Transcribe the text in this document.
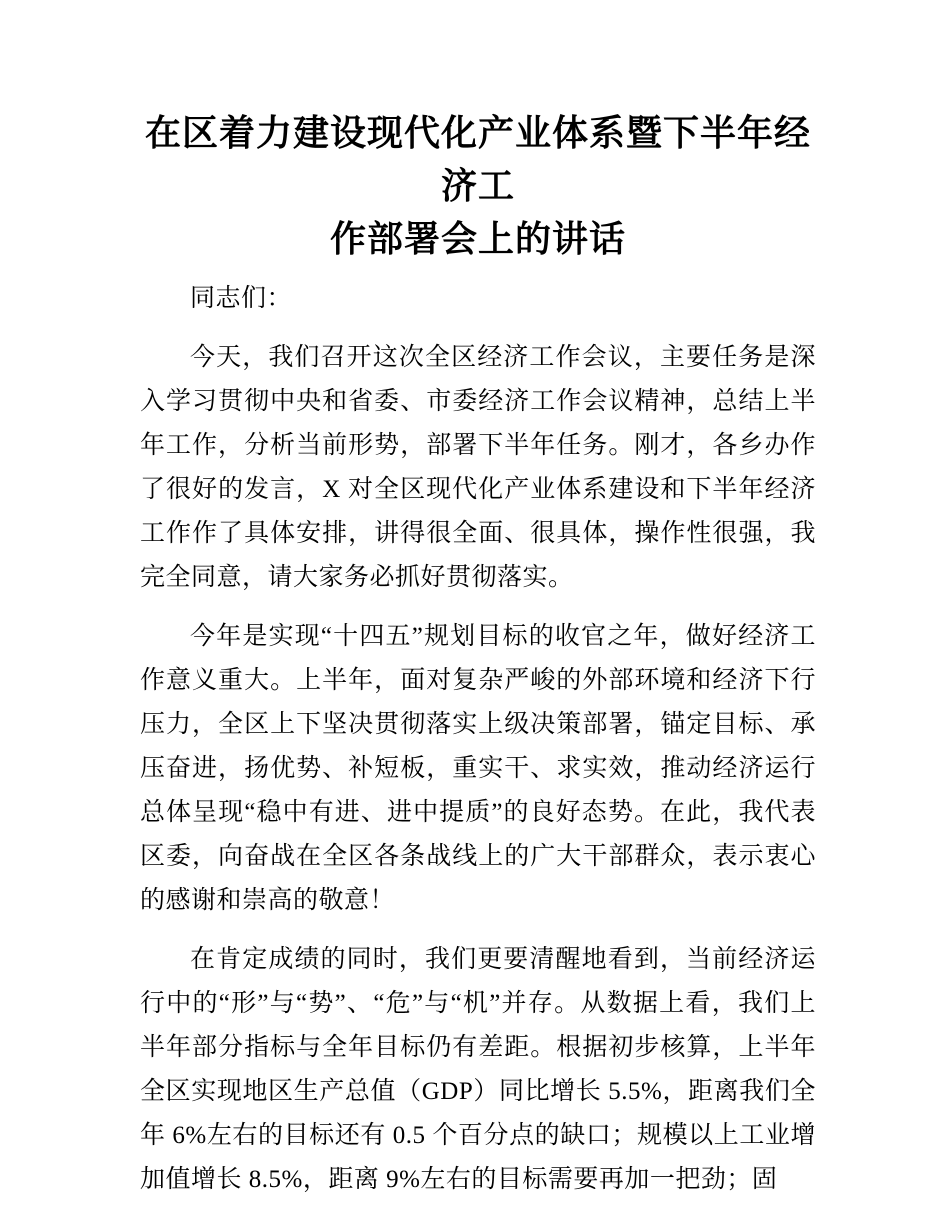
在区着力建设现代化产业体系暨下半年经济工
作部署会上的讲话

同志们：

今天，我们召开这次全区经济工作会议，主要任务是深入学习贯彻中央和省委、市委经济工作会议精神，总结上半年工作，分析当前形势，部署下半年任务。刚才，各乡办作了很好的发言，X 对全区现代化产业体系建设和下半年经济工作作了具体安排，讲得很全面、很具体，操作性很强，我完全同意，请大家务必抓好贯彻落实。

今年是实现“十四五”规划目标的收官之年，做好经济工作意义重大。上半年，面对复杂严峻的外部环境和经济下行压力，全区上下坚决贯彻落实上级决策部署，锚定目标、承压奋进，扬优势、补短板，重实干、求实效，推动经济运行总体呈现“稳中有进、进中提质”的良好态势。在此，我代表区委，向奋战在全区各条战线上的广大干部群众，表示衷心的感谢和崇高的敬意！

在肯定成绩的同时，我们更要清醒地看到，当前经济运行中的“形”与“势”、“危”与“机”并存。从数据上看，我们上半年部分指标与全年目标仍有差距。根据初步核算，上半年全区实现地区生产总值（GDP）同比增长 5.5%，距离我们全年 6%左右的目标还有 0.5 个百分点的缺口；规模以上工业增加值增长 8.5%，距离 9%左右的目标需要再加一把劲；固
